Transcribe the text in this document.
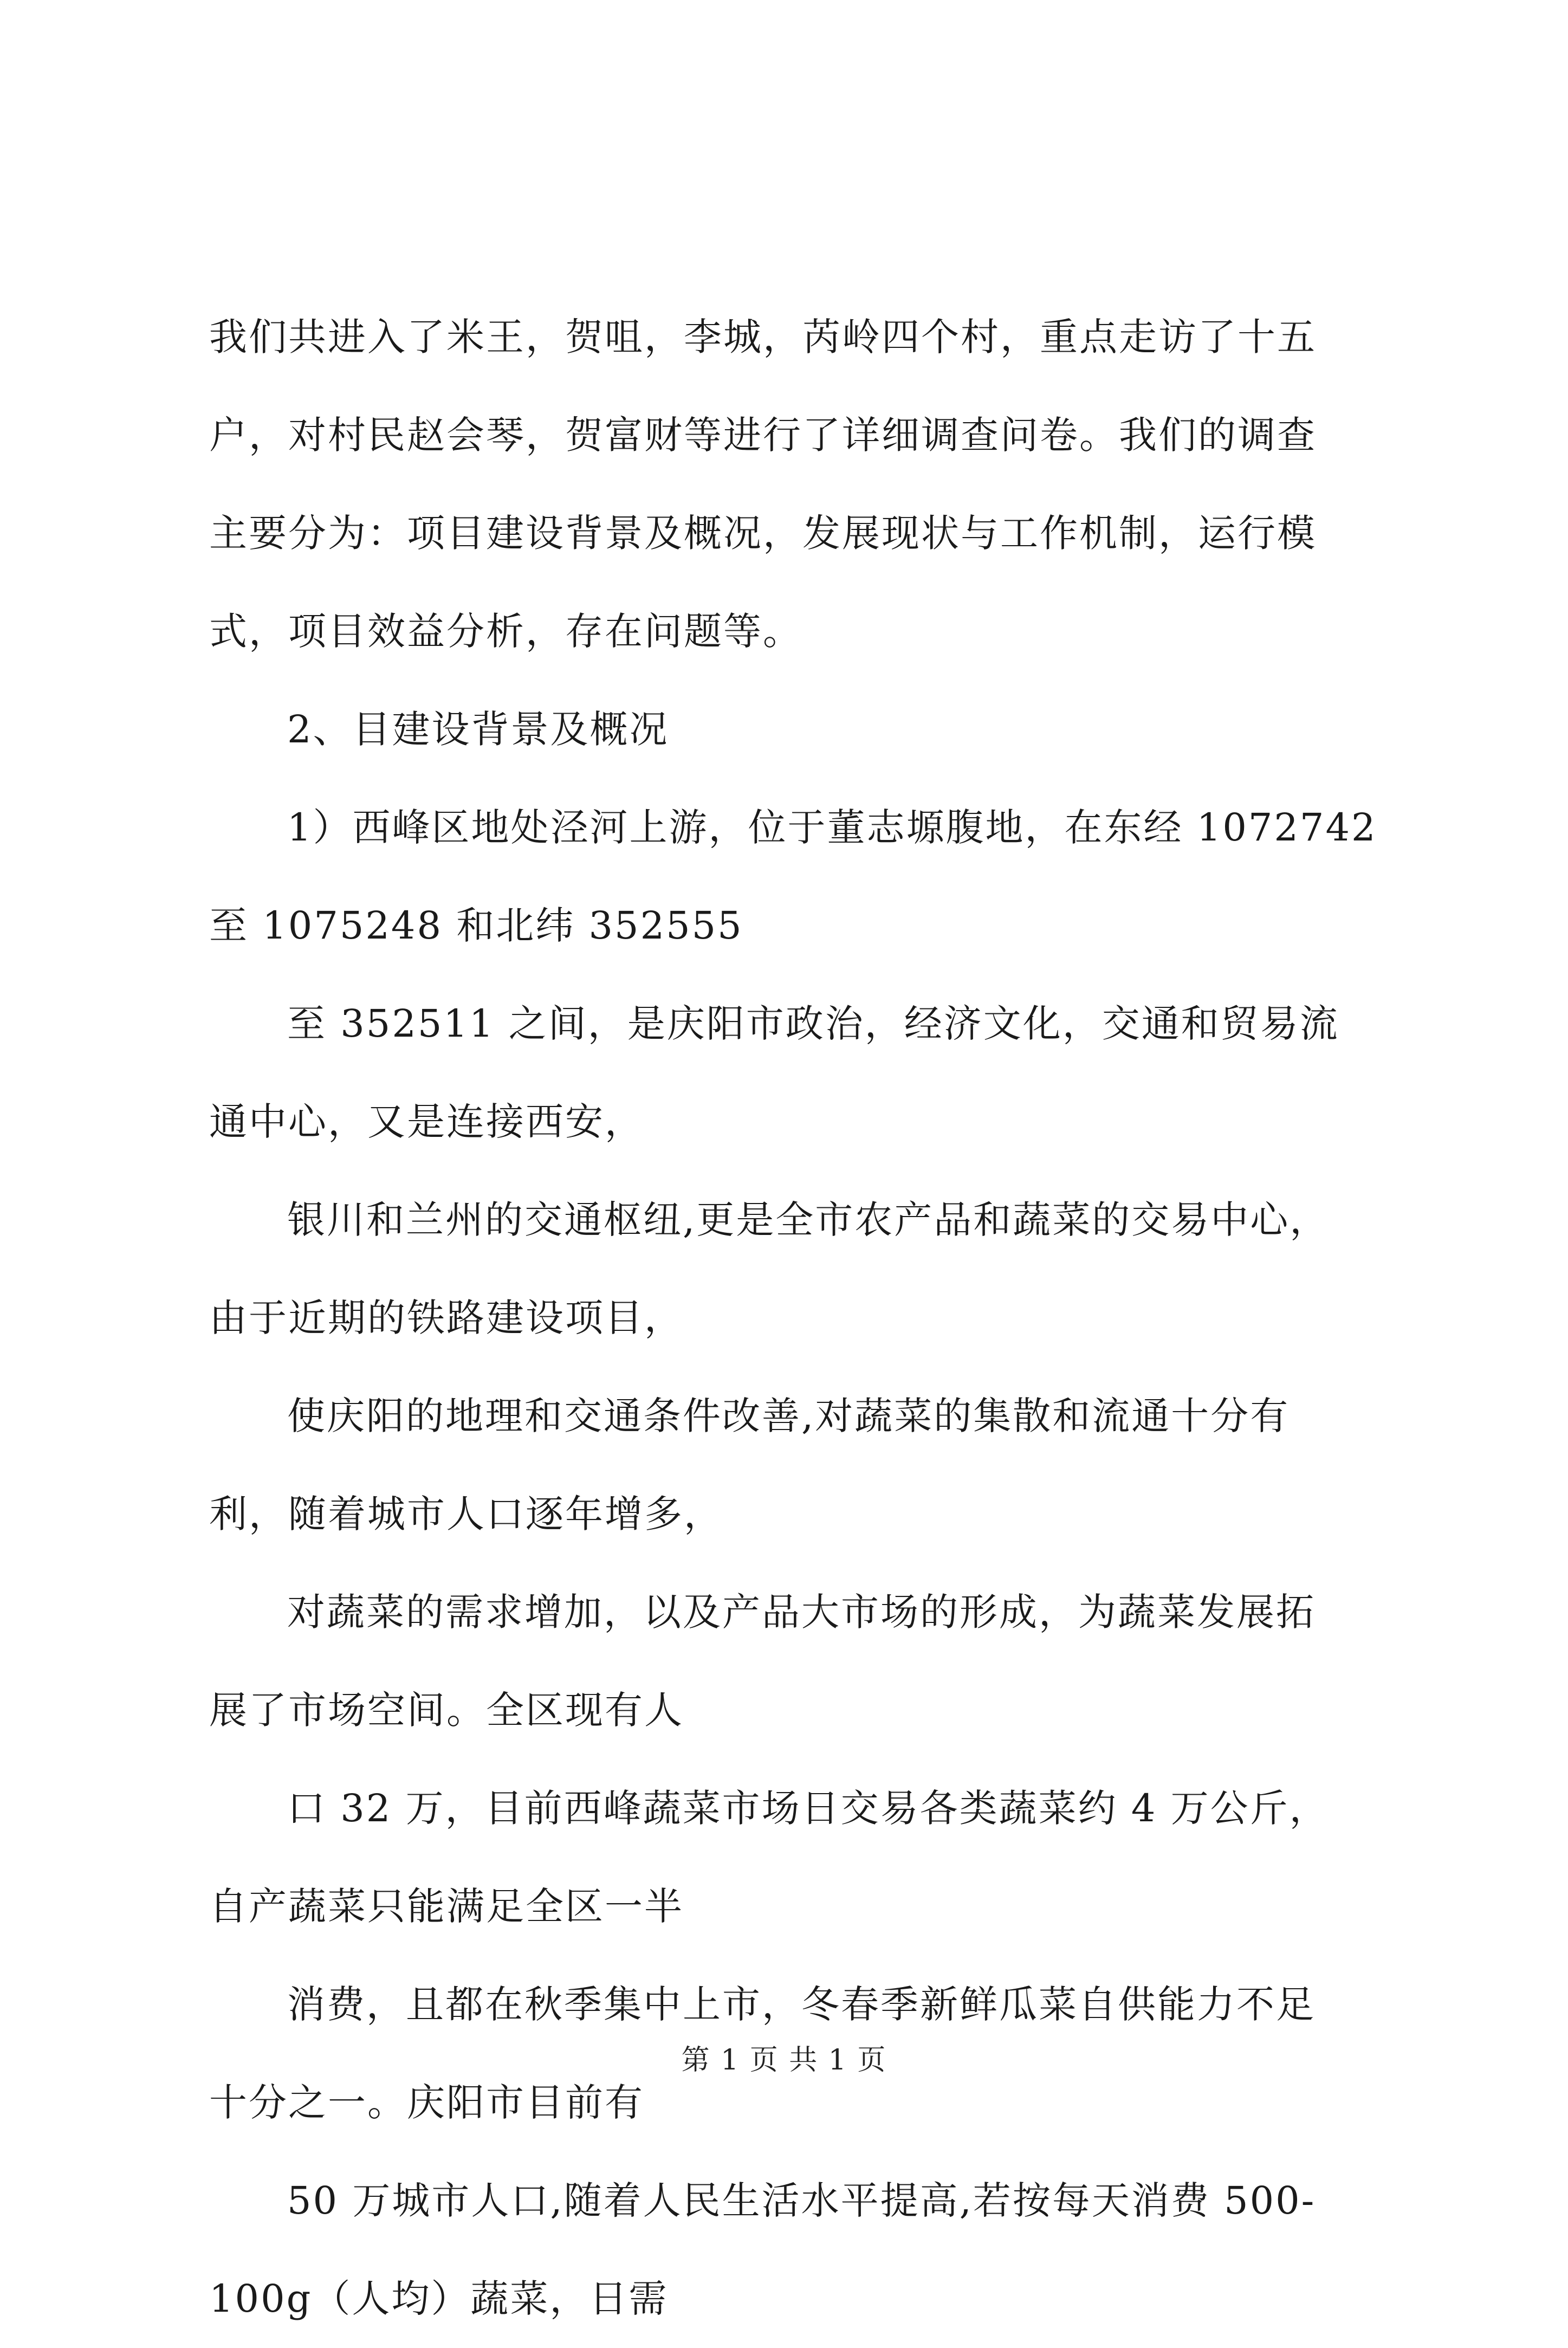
我们共进入了米王，贺咀，李城，芮岭四个村，重点走访了十五
户，对村民赵会琴，贺富财等进行了详细调查问卷。我们的调查
主要分为：项目建设背景及概况，发展现状与工作机制，运行模
式，项目效益分析，存在问题等。
2、目建设背景及概况
1）西峰区地处泾河上游，位于董志塬腹地，在东经 1072742
至 1075248 和北纬 352555
至 352511 之间，是庆阳市政治，经济文化，交通和贸易流
通中心，又是连接西安，
银川和兰州的交通枢纽,更是全市农产品和蔬菜的交易中心，
由于近期的铁路建设项目，
使庆阳的地理和交通条件改善,对蔬菜的集散和流通十分有
利，随着城市人口逐年增多，
对蔬菜的需求增加，以及产品大市场的形成，为蔬菜发展拓
展了市场空间。全区现有人
口 32 万，目前西峰蔬菜市场日交易各类蔬菜约 4 万公斤，
自产蔬菜只能满足全区一半
消费，且都在秋季集中上市，冬春季新鲜瓜菜自供能力不足
十分之一。庆阳市目前有
50 万城市人口,随着人民生活水平提高,若按每天消费 500-
100g（人均）蔬菜，日需
第 1 页 共 1 页
